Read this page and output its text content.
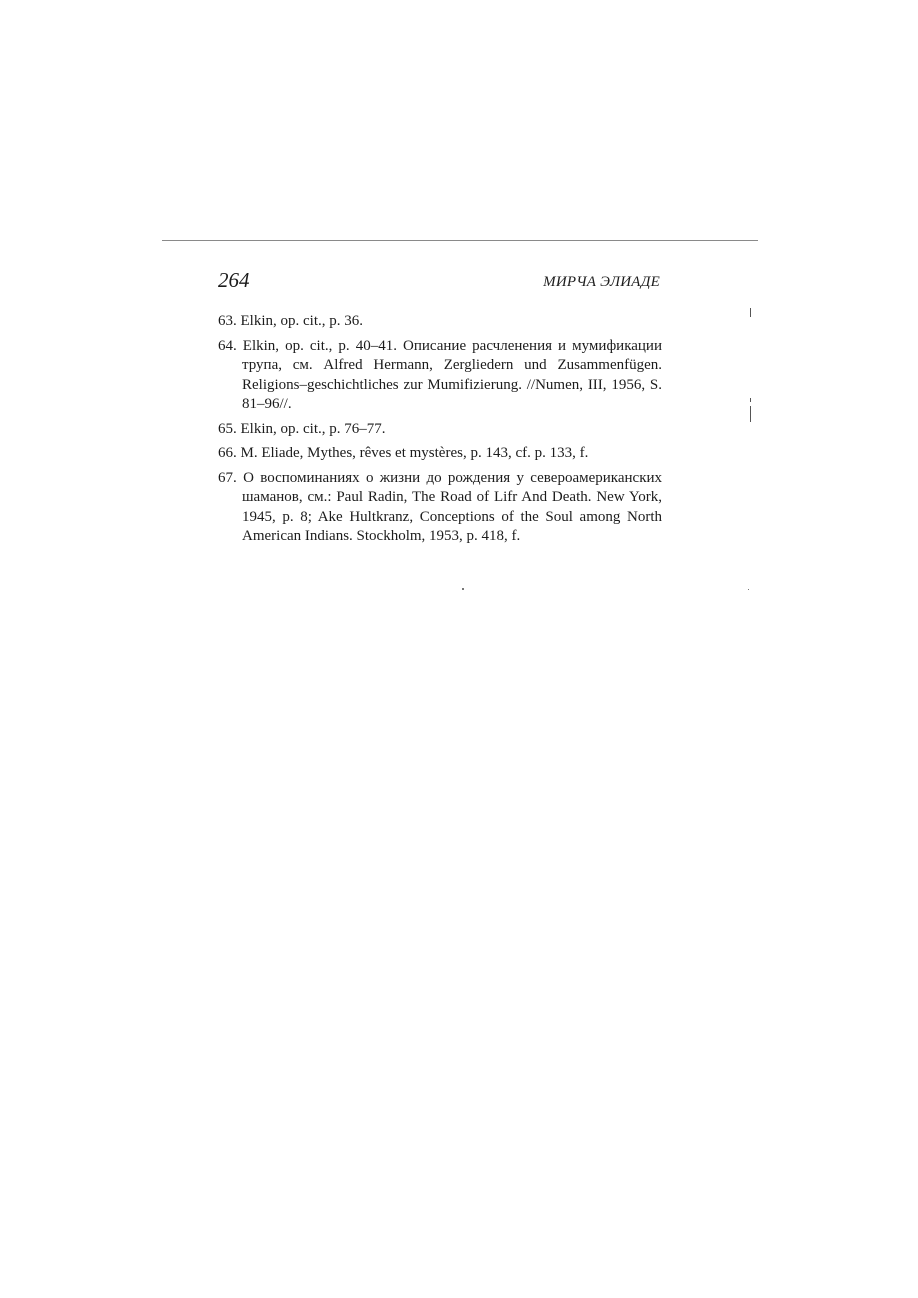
264	МИРЧА ЭЛИАДЕ
63. Elkin, op. cit., p. 36.
64. Elkin, op. cit., p. 40–41. Описание расчленения и мумификации трупа, см. Alfred Hermann, Zergliedern und Zusammenfügen. Religions–geschichtliches zur Mumifizierung. //Numen, III, 1956, S. 81–96//.
65. Elkin, op. cit., p. 76–77.
66. M. Eliade, Mythes, rêves et mystères, p. 143, cf. p. 133, f.
67. О воспоминаниях о жизни до рождения у североамериканских шаманов, см.: Paul Radin, The Road of Lifr And Death. New York, 1945, p. 8; Ake Hultkranz, Conceptions of the Soul among North American Indians. Stockholm, 1953, p. 418, f.
